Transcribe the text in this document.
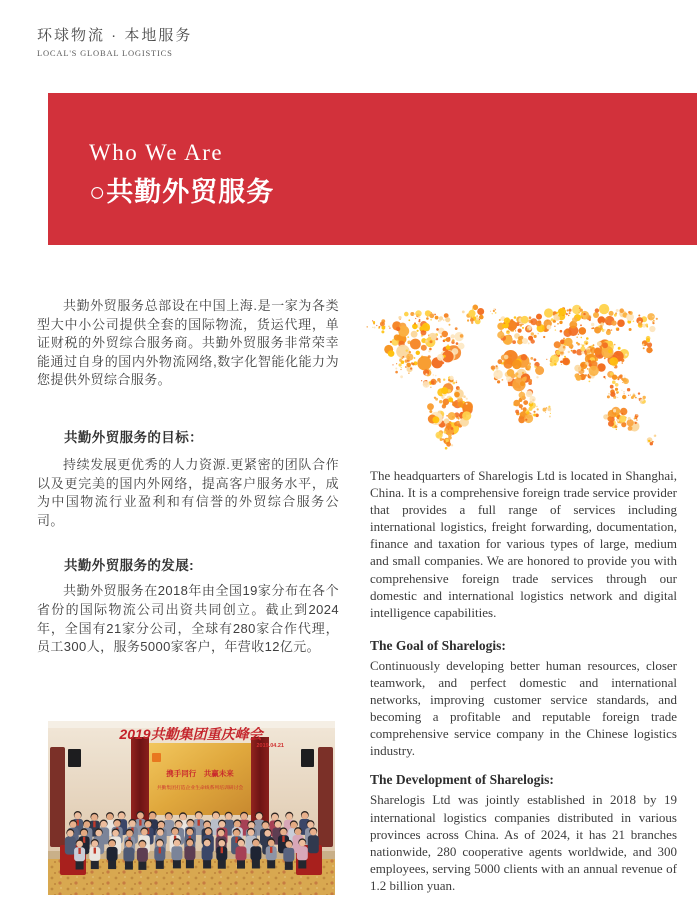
环球物流 · 本地服务
LOCAL'S GLOBAL LOGISTICS
Who We Are
○共勤外贸服务

共勤外贸服务总部设在中国上海.是一家为各类型大中小公司提供全套的国际物流，货运代理，单证财税的外贸综合服务商。共勤外贸服务非常荣幸能通过自身的国内外物流网络,数字化智能化能力为您提供外贸综合服务。

共勤外贸服务的目标：

持续发展更优秀的人力资源.更紧密的团队合作以及更完美的国内外网络，提高客户服务水平，成为中国物流行业盈利和有信誉的外贸综合服务公司。

共勤外贸服务的发展:

共勤外贸服务在2018年由全国19家分布在各个省份的国际物流公司出资共同创立。截止到2024年，全国有21家分公司，全球有280家合作代理，员工300人，服务5000家客户，年营收12亿元。

2019共勤集团重庆峰会
2019.04.21
携手同行　共赢未来
共勤集团打造企业生命线系列培训研讨会

The headquarters of Sharelogis Ltd is located in Shanghai, China. It is a comprehensive foreign trade service provider that provides a full range of services including international logistics, freight forwarding, documentation, finance and taxation for various types of large, medium and small companies. We are honored to provide you with comprehensive foreign trade services through our domestic and international logistics network and digital intelligence capabilities.

The Goal of Sharelogis:

Continuously developing better human resources, closer teamwork, and perfect domestic and international networks, improving customer service standards, and becoming a profitable and reputable foreign trade comprehensive service company in the Chinese logistics industry.

The Development of Sharelogis:

Sharelogis Ltd was jointly established in 2018 by 19 international logistics companies distributed in various provinces across China. As of 2024, it has 21 branches nationwide, 280 cooperative agents worldwide, and 300 employees, serving 5000 clients with an annual revenue of 1.2 billion yuan.
